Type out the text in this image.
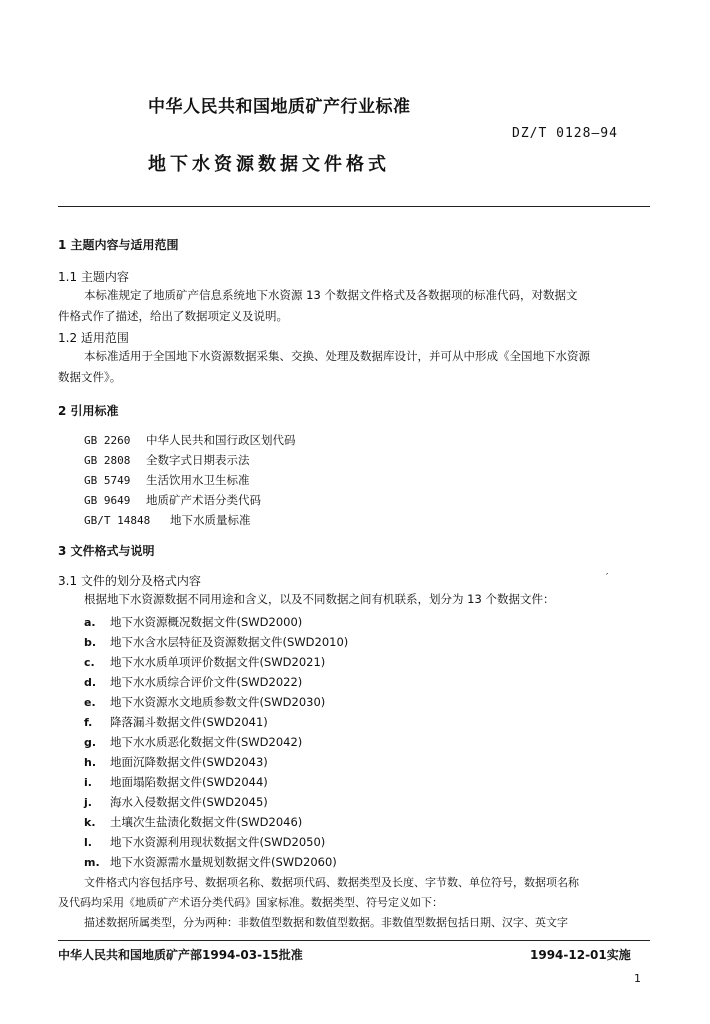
中华人民共和国地质矿产行业标准
DZ/T 0128—94
地下水资源数据文件格式
1 主题内容与适用范围
1.1 主题内容
本标准规定了地质矿产信息系统地下水资源 13 个数据文件格式及各数据项的标准代码，对数据文
件格式作了描述，给出了数据项定义及说明。
1.2 适用范围
本标准适用于全国地下水资源数据采集、交换、处理及数据库设计，并可从中形成《全国地下水资源
数据文件》。
2 引用标准
GB 2260 中华人民共和国行政区划代码
GB 2808 全数字式日期表示法
GB 5749 生活饮用水卫生标准
GB 9649 地质矿产术语分类代码
GB/T 14848 地下水质量标准
3 文件格式与说明
3.1 文件的划分及格式内容	′
根据地下水资源数据不同用途和含义，以及不同数据之间有机联系，划分为 13 个数据文件：
a. 地下水资源概况数据文件(SWD2000)
b. 地下水含水层特征及资源数据文件(SWD2010)
c. 地下水水质单项评价数据文件(SWD2021)
d. 地下水水质综合评价文件(SWD2022)
e. 地下水资源水文地质参数文件(SWD2030)
f. 降落漏斗数据文件(SWD2041)
g. 地下水水质恶化数据文件(SWD2042)
h. 地面沉降数据文件(SWD2043)
i. 地面塌陷数据文件(SWD2044)
j. 海水入侵数据文件(SWD2045)
k. 土壤次生盐渍化数据文件(SWD2046)
l. 地下水资源利用现状数据文件(SWD2050)
m. 地下水资源需水量规划数据文件(SWD2060)
文件格式内容包括序号、数据项名称、数据项代码、数据类型及长度、字节数、单位符号，数据项名称
及代码均采用《地质矿产术语分类代码》国家标准。数据类型、符号定义如下：
描述数据所属类型，分为两种：非数值型数据和数值型数据。非数值型数据包括日期、汉字、英文字
中华人民共和国地质矿产部1994-03-15批准	1994-12-01实施
1
